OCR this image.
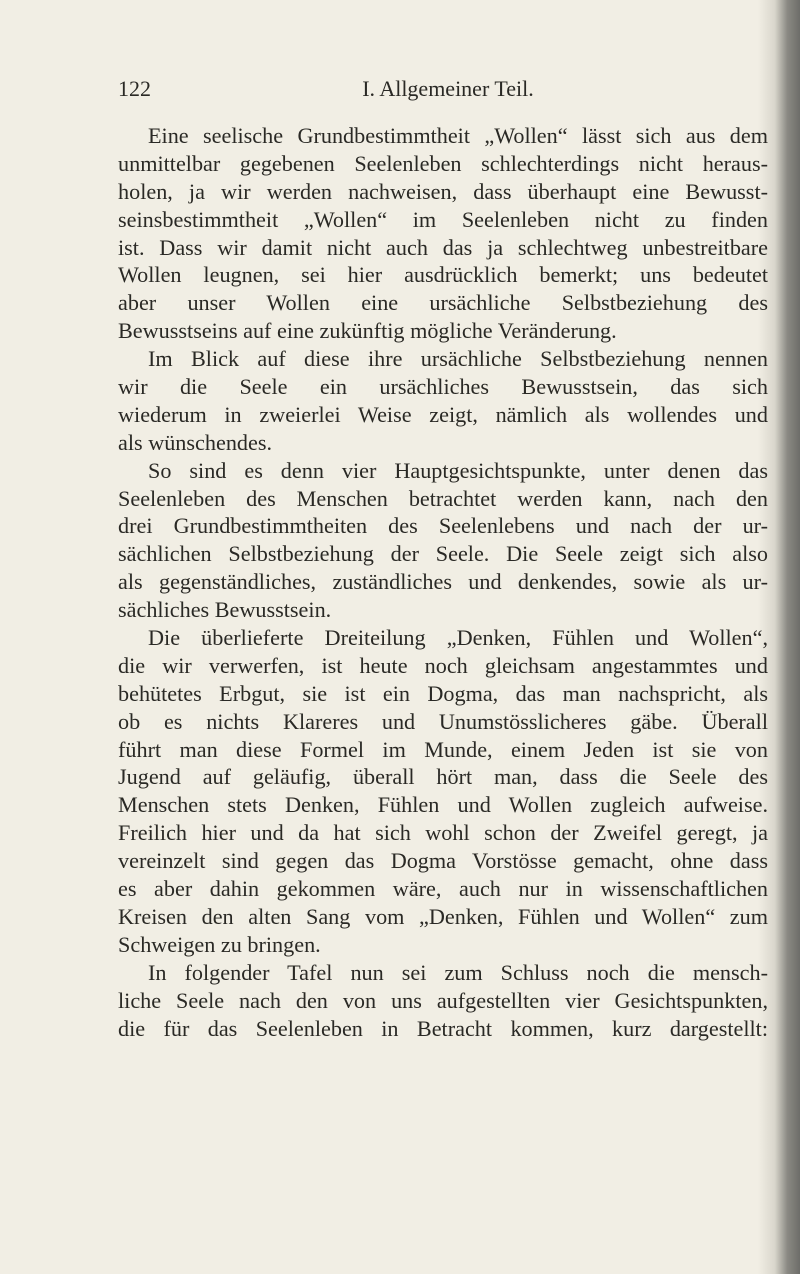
122	I. Allgemeiner Teil.
Eine seelische Grundbestimmtheit „Wollen“ lässt sich aus dem
unmittelbar gegebenen Seelenleben schlechterdings nicht heraus-
holen, ja wir werden nachweisen, dass überhaupt eine Bewusst-
seinsbestimmtheit „Wollen“ im Seelenleben nicht zu finden
ist. Dass wir damit nicht auch das ja schlechtweg unbestreitbare
Wollen leugnen, sei hier ausdrücklich bemerkt; uns bedeutet
aber unser Wollen eine ursächliche Selbstbeziehung des
Bewusstseins auf eine zukünftig mögliche Veränderung.
Im Blick auf diese ihre ursächliche Selbstbeziehung nennen
wir die Seele ein ursächliches Bewusstsein, das sich
wiederum in zweierlei Weise zeigt, nämlich als wollendes und
als wünschendes.
So sind es denn vier Hauptgesichtspunkte, unter denen das
Seelenleben des Menschen betrachtet werden kann, nach den
drei Grundbestimmtheiten des Seelenlebens und nach der ur-
sächlichen Selbstbeziehung der Seele. Die Seele zeigt sich also
als gegenständliches, zuständliches und denkendes, sowie als ur-
sächliches Bewusstsein.
Die überlieferte Dreiteilung „Denken, Fühlen und Wollen“,
die wir verwerfen, ist heute noch gleichsam angestammtes und
behütetes Erbgut, sie ist ein Dogma, das man nachspricht, als
ob es nichts Klareres und Unumstösslicheres gäbe. Überall
führt man diese Formel im Munde, einem Jeden ist sie von
Jugend auf geläufig, überall hört man, dass die Seele des
Menschen stets Denken, Fühlen und Wollen zugleich aufweise.
Freilich hier und da hat sich wohl schon der Zweifel geregt, ja
vereinzelt sind gegen das Dogma Vorstösse gemacht, ohne dass
es aber dahin gekommen wäre, auch nur in wissenschaftlichen
Kreisen den alten Sang vom „Denken, Fühlen und Wollen“ zum
Schweigen zu bringen.
In folgender Tafel nun sei zum Schluss noch die mensch-
liche Seele nach den von uns aufgestellten vier Gesichtspunkten,
die für das Seelenleben in Betracht kommen, kurz dargestellt:
